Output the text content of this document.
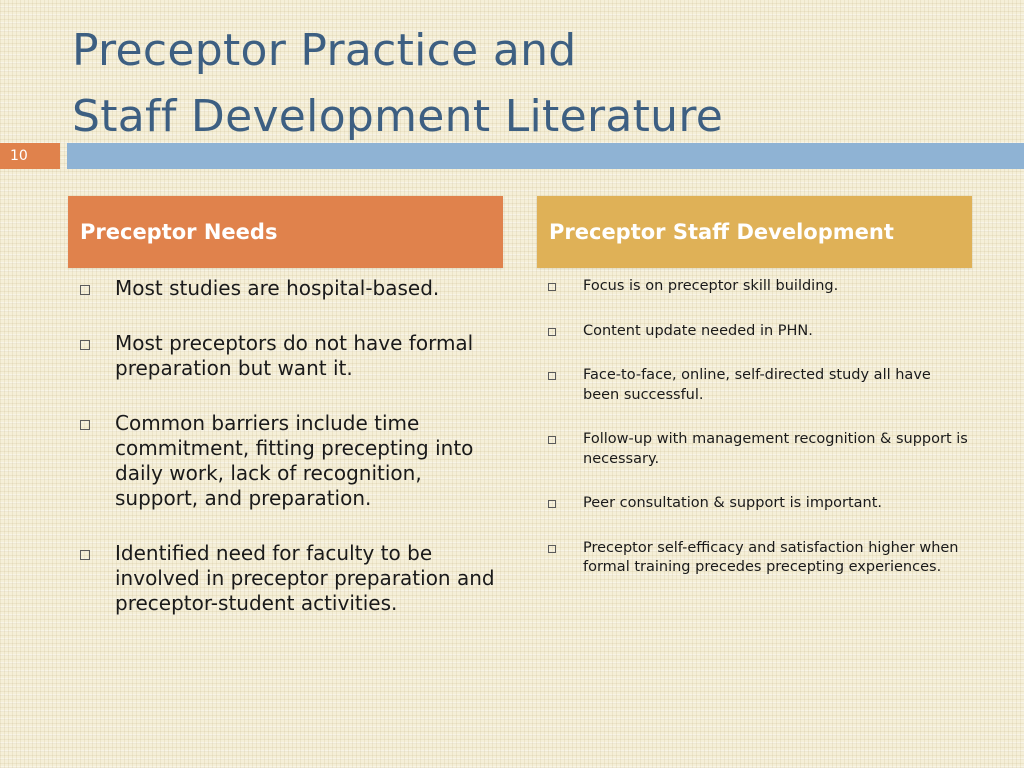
Preceptor Practice and
Staff Development Literature
10
Preceptor Needs	Preceptor Staff Development
Most studies are hospital-based.
Most preceptors do not have formal preparation but want it.
Common barriers include time commitment, fitting precepting into daily work, lack of recognition, support, and preparation.
Identified need for faculty to be involved in preceptor preparation and preceptor-student activities.
Focus is on preceptor skill building.
Content update needed in PHN.
Face-to-face, online, self-directed study all have been successful.
Follow-up with management recognition & support is necessary.
Peer consultation & support is important.
Preceptor self-efficacy and satisfaction higher when formal training precedes precepting experiences.
